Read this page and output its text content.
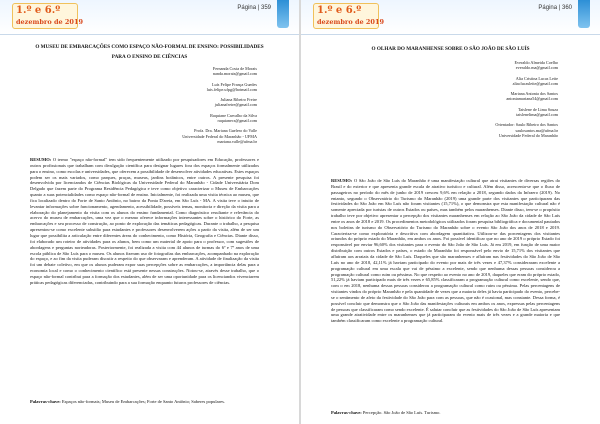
1.º e 6.º
dezembro de 2019
Página | 359
O MUSEU DE EMBARCAÇÕES COMO ESPAÇO NÃO-FORMAL DE ENSINO: POSSIBILIDADES PARA O ENSINO DE CIÊNCIAS
Fernanda Costa de Morais
nanda.morais@gmail.com
Luís Felipe França Guedes
luis.felipe.ufpg@hotmail.com
Juliana Ribeiro Freire
julianafreire@gmail.com
Raquiane Carvalho da Silva
raquianecs@gmail.com
Profa. Dra. Mariana Guelero do Valle
Universidade Federal do Maranhão - UFMA
mariana.valle@ufma.br
RESUMO: O termo "espaço não-formal" tem sido frequentemente utilizado por pesquisadores em Educação, professores e outros profissionais que trabalham com divulgação científica para designar lugares fora dos espaços formalmente utilizados para o ensino, como escolas e universidades, que oferecem a possibilidade de desenvolver atividades educativas. Estes espaços podem ser os mais variados, como parques, praças, museus, jardins botânicos, entre outros. A presente pesquisa foi desenvolvida por licenciandos de Ciências Biológicas da Universidade Federal do Maranhão - Cidade Universitária Dom Delgado que fazem parte do Programa Residência Pedagógica e teve como objetivo caracterizar o Museu de Embarcações quanto a suas potencialidades como espaço não-formal de ensino. Inicialmente, foi realizada uma visita técnica ao museu, que fica localizado dentro do Forte de Santo Antônio, no bairro da Ponta D'areia, em São Luís - MA. A visita teve o intuito de levantar informações sobre funcionamento, agendamento, acessibilidade, possíveis temas, monitoria e direção da visita para a elaboração do planejamento da visita com os alunos do ensino fundamental. Como diagnóstico resultante e relevância do acervo do museu de embarcações, uma vez que o mesmo oferece informações interessantes sobre o histórico do Forte, as embarcações e seu processo de construção, ao ponto de exploração das temáticas pedagógicas. Durante o trabalho, a pesquisa apresentou-se como excelente subsídio para estudantes e professores desenvolverem ações a partir da visita, além de ser um lugar que possibilita a articulação entre diferentes áreas do conhecimento, como História, Geografia e Ciências. Diante disso, foi elaborado um roteiro de atividades para os alunos, bem como um material de apoio para o professor, com sugestões de abordagens e perguntas norteadoras. Posteriormente, foi realizada a visita com 44 alunos de turmas do 6º e 7º anos de uma escola pública de São Luís para o museu. Os alunos fizeram uso de fotografias das embarcações, acompanhado na exploração do espaço, e ao fim da visita puderam discutir a respeito do que observaram e aprenderam. A atividade de finalização da visita foi um debate coletivo, em que os alunos puderam expor suas percepções sobre as embarcações, a importância delas para a economia local e como o conhecimento científico está presente nessas construções. Notou-se, através desse trabalho, que o espaço não-formal contribui para a formação dos estudantes, além de ser uma oportunidade para os licenciandos vivenciarem práticas pedagógicas diferenciadas, contribuindo para a sua formação enquanto futuros professores de ciências.
Palavras-chave: Espaços não-formais; Museu de Embarcações; Forte de Santo Antônio; Saberes populares.
1.º e 6.º
dezembro de 2019
Página | 360
O OLHAR DO MARANHENSE SOBRE O SÃO JOÃO DE SÃO LUÍS
Everaldo Almeida Coelho
everaldo.ma@gmail.com
Alia Cristina Lucas Leite
aliaclucasleite@gmail.com
Mariana Antonia dos Santos
antoniamariana54@gmail.com
Taislene de Lima Souza
taislenelima@gmail.com
Orientador: Saulo Ribeiro dos Santos
saulosantos.ma@ufma.br
Universidade Federal do Maranhão
RESUMO: O São João de São Luís do Maranhão é uma manifestação cultural que atrai visitantes de diversas regiões do Brasil e do exterior e que apresenta grande escala de atrativo turístico e cultural. Além disso, acrescenta-se que o fluxo de passageiros no período do mês de junho de 2019 cresceu 9,6% em relação a 2018, segundo dados da Infraero (2019). No entanto, segundo o Observatório do Turismo do Maranhão (2019) uma grande parte dos visitantes que participaram das festividades do São João em São Luís não foram visitantes (15,71%), o que demonstra que esta manifestação cultural não é somente apreciada por turistas de outros Estados ou países, mas também pelos maranhenses. Diante disso, tem-se o propósito trabalho teve por objetivo apresentar a percepção dos visitantes maranhenses em relação ao São João da cidade de São Luís entre os anos de 2018 e 2019. Os procedimentos metodológicos utilizados foram pesquisa bibliográfica e documental pautados nos boletins de turismo do Observatório do Turismo do Maranhão sobre o evento São João dos anos de 2018 e 2019. Caracteriza-se como exploratória e descritiva com abordagem quantitativa. Utilizou-se das porcentagens dos visitantes oriundos do próprio estado do Maranhão, em ambos os anos. Foi possível identificar que no ano de 2019 o próprio Estado foi responsável por enviar 96,60% dos visitantes para o evento do São João de São Luís. Já em 2019, em função de uma maior distribuição com outros Estados e países, o estado do Maranhão foi responsável pelo envio de 15,71% dos visitantes que afluíram aos arraiais da cidade de São Luís. Daqueles que são maranhenses e afluíram nas festividades do São João de São Luís no ano de 2018, 42,11% já haviam participado do evento por mais de três vezes e 47,37% consideraram excelente a programação cultural em uma escala que vai de péssimo a excelente, sendo que nenhuma dessas pessoas considerou a programação cultural como ruim ou péssima. No que respeito ao evento no ano de 2019, daqueles que eram do próprio estado, 51,22% já haviam participado mais de três vezes e 65,85% classificaram a programação cultural como excelente, sendo que, com o em 2018, nenhuma dessas pessoas considerou a programação cultural como ruim ou péssima. Pelas percentagens de visitantes vindos do próprio Maranhão e pela quantidade de vezes que a maioria deles já havia participado do evento, percebe-se o sentimento de afeto da festividade do São João para com as pessoas, que não é ocasional, mas constante. Dessa forma, é possível concluir que demonstra que o São João das manifestações culturais em ambos os anos, expressas pelas percentagens de pessoas que classificaram como sendo excelente. É salutar concluir que as festividades do São João de São Luís apresentam uma grande atratividade entre os maranhenses que já participaram do evento mais de três vezes e a grande maioria e que também classificaram como excelente a programação cultural.
Palavras-chave: Percepção. São João de São Luís. Turismo.
